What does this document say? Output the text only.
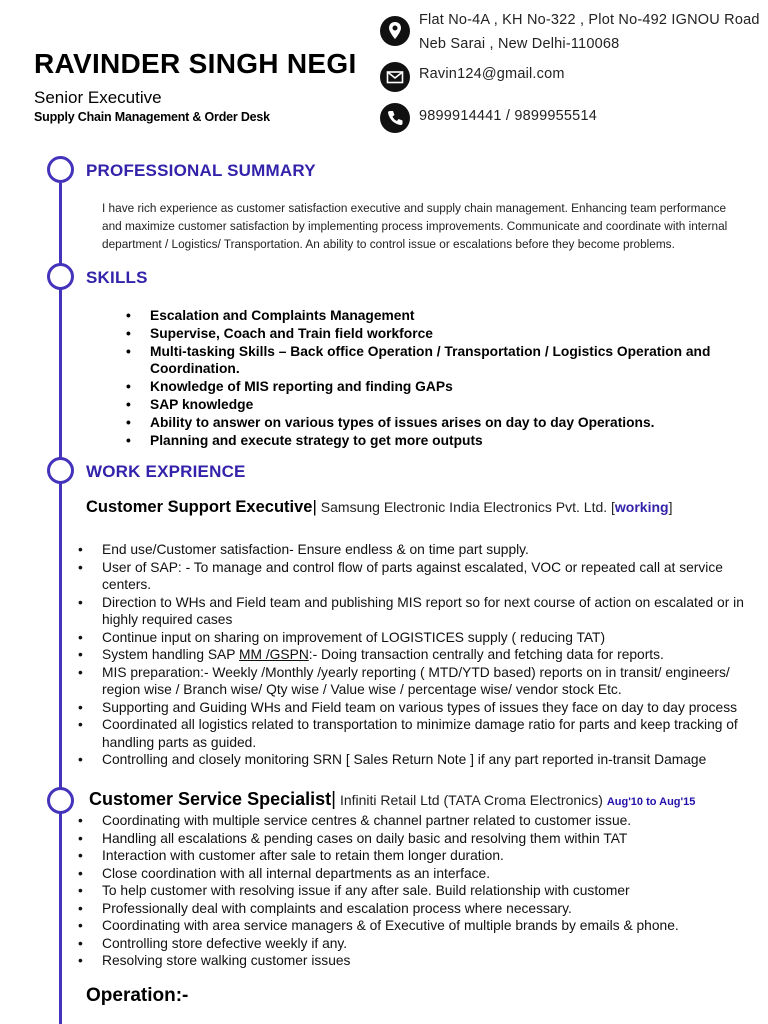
RAVINDER SINGH NEGI
Senior Executive
Supply Chain Management & Order Desk
Flat No-4A , KH No-322 , Plot No-492 IGNOU Road
Neb Sarai , New Delhi-110068
Ravin124@gmail.com
9899914441 / 9899955514
PROFESSIONAL SUMMARY

I have rich experience as customer satisfaction executive and supply chain management. Enhancing team performance and maximize customer satisfaction by implementing process improvements. Communicate and coordinate with internal department / Logistics/ Transportation. An ability to control issue or escalations before they become problems.

SKILLS
• Escalation and Complaints Management
• Supervise, Coach and Train field workforce
• Multi-tasking Skills – Back office Operation / Transportation / Logistics Operation and Coordination.
• Knowledge of MIS reporting and finding GAPs
• SAP knowledge
• Ability to answer on various types of issues arises on day to day Operations.
• Planning and execute strategy to get more outputs
WORK EXPRIENCE
Customer Support Executive| Samsung Electronic India Electronics Pvt. Ltd. [working]
• End use/Customer satisfaction- Ensure endless & on time part supply.
• User of SAP: - To manage and control flow of parts against escalated, VOC or repeated call at service centers.
• Direction to WHs and Field team and publishing MIS report so for next course of action on escalated or in highly required cases
• Continue input on sharing on improvement of LOGISTICES supply ( reducing TAT)
• System handling SAP MM /GSPN:- Doing transaction centrally and fetching data for reports.
• MIS preparation:- Weekly /Monthly /yearly reporting ( MTD/YTD based) reports on in transit/ engineers/ region wise / Branch wise/ Qty wise / Value wise / percentage wise/ vendor stock Etc.
• Supporting and Guiding WHs and Field team on various types of issues they face on day to day process
• Coordinated all logistics related to transportation to minimize damage ratio for parts and keep tracking of handling parts as guided.
• Controlling and closely monitoring SRN [ Sales Return Note ] if any part reported in-transit Damage
Customer Service Specialist| Infiniti Retail Ltd (TATA Croma Electronics) Aug'10 to Aug'15
• Coordinating with multiple service centres & channel partner related to customer issue.
• Handling all escalations & pending cases on daily basic and resolving them within TAT
• Interaction with customer after sale to retain them longer duration.
• Close coordination with all internal departments as an interface.
• To help customer with resolving issue if any after sale. Build relationship with customer
• Professionally deal with complaints and escalation process where necessary.
• Coordinating with area service managers & of Executive of multiple brands by emails & phone.
• Controlling store defective weekly if any.
• Resolving store walking customer issues
Operation:-
